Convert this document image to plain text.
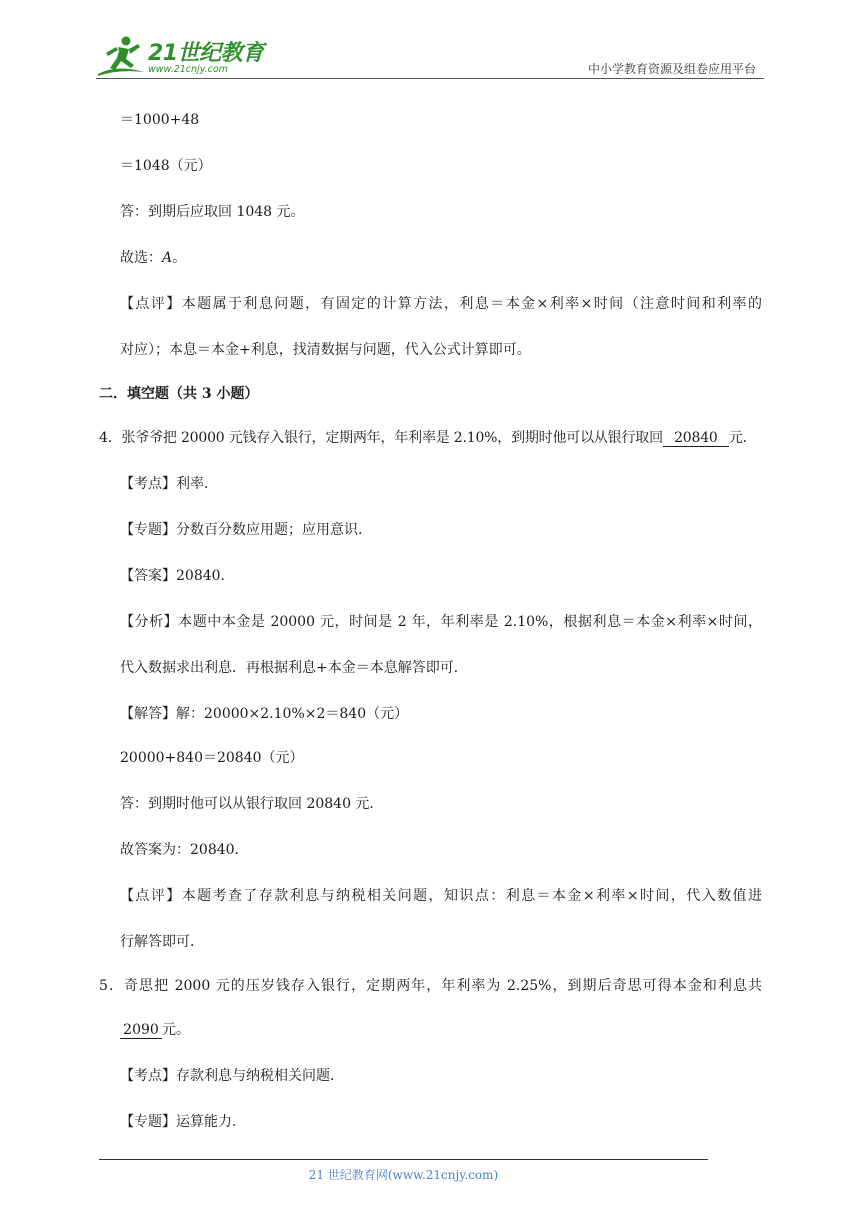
21世纪教育
www.21cnjy.com	中小学教育资源及组卷应用平台
＝1000+48
＝1048（元）
答：到期后应取回 1048 元。
故选：A。
【点评】本题属于利息问题，有固定的计算方法，利息＝本金×利率×时间（注意时间和利率的
对应）；本息＝本金+利息，找清数据与问题，代入公式计算即可。
二．填空题（共 3 小题）
4．张爷爷把 20000 元钱存入银行，定期两年，年利率是 2.10%，到期时他可以从银行取回 20840 元．
【考点】利率．
【专题】分数百分数应用题；应用意识．
【答案】20840．
【分析】本题中本金是 20000 元，时间是 2 年，年利率是 2.10%，根据利息＝本金×利率×时间，
代入数据求出利息．再根据利息+本金＝本息解答即可．
【解答】解：20000×2.10%×2＝840（元）
20000+840＝20840（元）
答：到期时他可以从银行取回 20840 元．
故答案为：20840．
【点评】本题考查了存款利息与纳税相关问题，知识点：利息＝本金×利率×时间，代入数值进
行解答即可．
5．奇思把 2000 元的压岁钱存入银行，定期两年，年利率为 2.25%，到期后奇思可得本金和利息共
2090 元。
【考点】存款利息与纳税相关问题．
【专题】运算能力．
21 世纪教育网(www.21cnjy.com)
